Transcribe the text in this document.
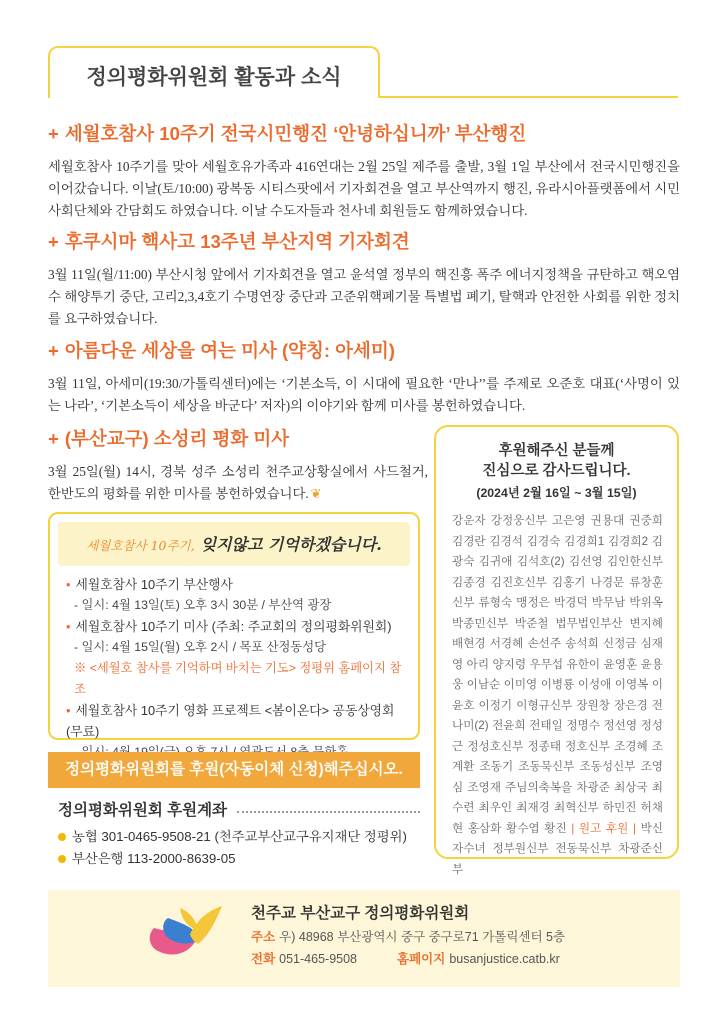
정의평화위원회 활동과 소식
+ 세월호참사 10주기 전국시민행진 ‘안녕하십니까’ 부산행진
세월호참사 10주기를 맞아 세월호유가족과 416연대는 2월 25일 제주를 출발, 3월 1일 부산에서 전국시민행진을 이어갔습니다. 이날(토/10:00) 광복동 시티스팟에서 기자회견을 열고 부산역까지 행진, 유라시아플랫폼에서 시민사회단체와 간담회도 하였습니다. 이날 수도자들과 천사네 회원들도 함께하였습니다.
+ 후쿠시마 핵사고 13주년 부산지역 기자회견
3월 11일(월/11:00) 부산시청 앞에서 기자회견을 열고 윤석열 정부의 핵진흥 폭주 에너지정책을 규탄하고 핵오염수 해양투기 중단, 고리2,3,4호기 수명연장 중단과 고준위핵폐기물 특별법 폐기, 탈핵과 안전한 사회를 위한 정치를 요구하였습니다.
+ 아름다운 세상을 여는 미사 (약칭: 아세미)
3월 11일, 아세미(19:30/가톨릭센터)에는 ‘기본소득, 이 시대에 필요한 ‘만나’’를 주제로 오준호 대표(‘사명이 있는 나라’, ‘기본소득이 세상을 바군다’ 저자)의 이야기와 함께 미사를 봉헌하였습니다.
+ (부산교구) 소성리 평화 미사
3월 25일(월) 14시, 경북 성주 소성리 천주교상황실에서 사드철거, 한반도의 평화를 위한 미사를 봉헌하였습니다. ❦
세월호참사 10주기, 잊지않고 기억하겠습니다.
• 세월호참사 10주기 부산행사
- 일시: 4월 13일(토) 오후 3시 30분 / 부산역 광장
• 세월호참사 10주기 미사 (주최: 주교회의 정의평화위원회)
- 일시: 4월 15일(월) 오후 2시 / 목포 산정동성당
※ <세월호 참사를 기억하며 바치는 기도> 정평위 홈페이지 참조
• 세월호참사 10주기 영화 프로젝트 <봄이온다> 공동상영회 (무료)
정의평화위원회를 후원(자동이체 신청)해주십시오.
정의평화위원회 후원계좌
농협 301-0465-9508-21 (천주교부산교구유지재단 정평위)
부산은행 113-2000-8639-05
후원해주신 분들께
진심으로 감사드립니다.
(2024년 2월 16일 ~ 3월 15일)
강운자 강정웅신부 고은영 권용대 권중희 김경란 김경석 김경숙 김경희1 김경희2 김광숙 김귀애 김석호(2) 김선영 김인한신부 김종경 김진호신부 김홍기 나경문 류창훈신부 류형숙 맹정은 박경덕 박무남 박위옥 박종민신부 박준철 법무법인부산 변지혜 배현경 서경혜 손선주 송석희 신정금 심재영 아리 양지령 우무섭 유한이 윤영훈 윤용웅 이남순 이미영 이병룡 이성애 이영복 이윤호 이정기 이형규신부 장원창 장은경 전나미(2) 전윤희 전태일 정명수 정선영 정성근 정성호신부 정종태 정호신부 조경혜 조계환 조동기 조동묵신부 조동성신부 조영심 조영재 주님의축복을 차광준 최상국 최수련 최우인 최재경 최혁신부 하민진 허채현 홍삼화 황수엽 황진 | 원고 후원 | 박신자수녀 정부원신부 전동묵신부 차광준신부
천주교 부산교구 정의평화위원회
주소 우) 48968 부산광역시 중구 중구로71 가톨릭센터 5층
전화 051-465-9508	홈페이지 busanjustice.catb.kr
